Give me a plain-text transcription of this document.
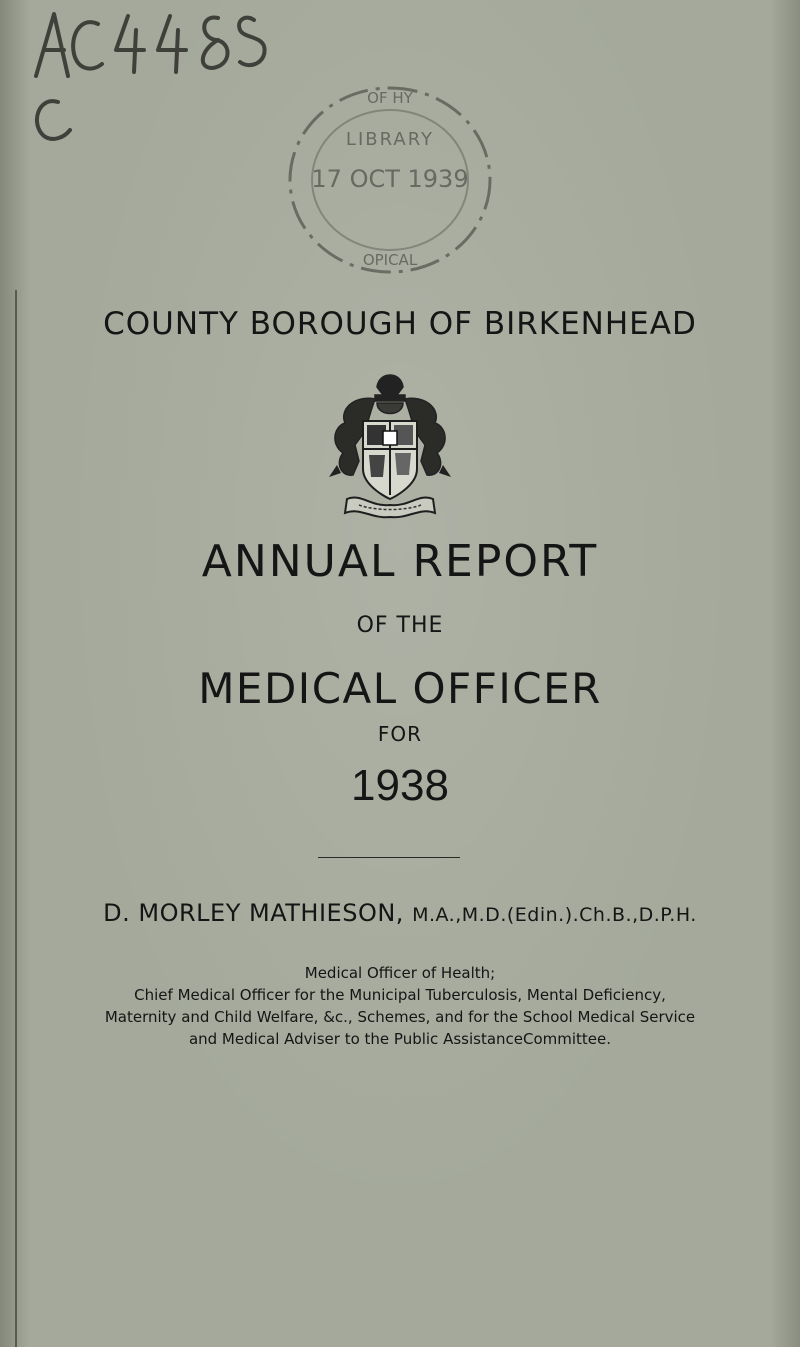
OF HY
LIBRARY
17 OCT 1939
OPICAL
COUNTY BOROUGH OF BIRKENHEAD
ANNUAL REPORT
OF THE
MEDICAL OFFICER
FOR
1938
D. MORLEY MATHIESON, M.A.,M.D.(Edin.).Ch.B.,D.P.H.
Medical Officer of Health;
Chief Medical Officer for the Municipal Tuberculosis, Mental Deficiency,
Maternity and Child Welfare, &c., Schemes, and for the School Medical Service
and Medical Adviser to the Public AssistanceCommittee.
